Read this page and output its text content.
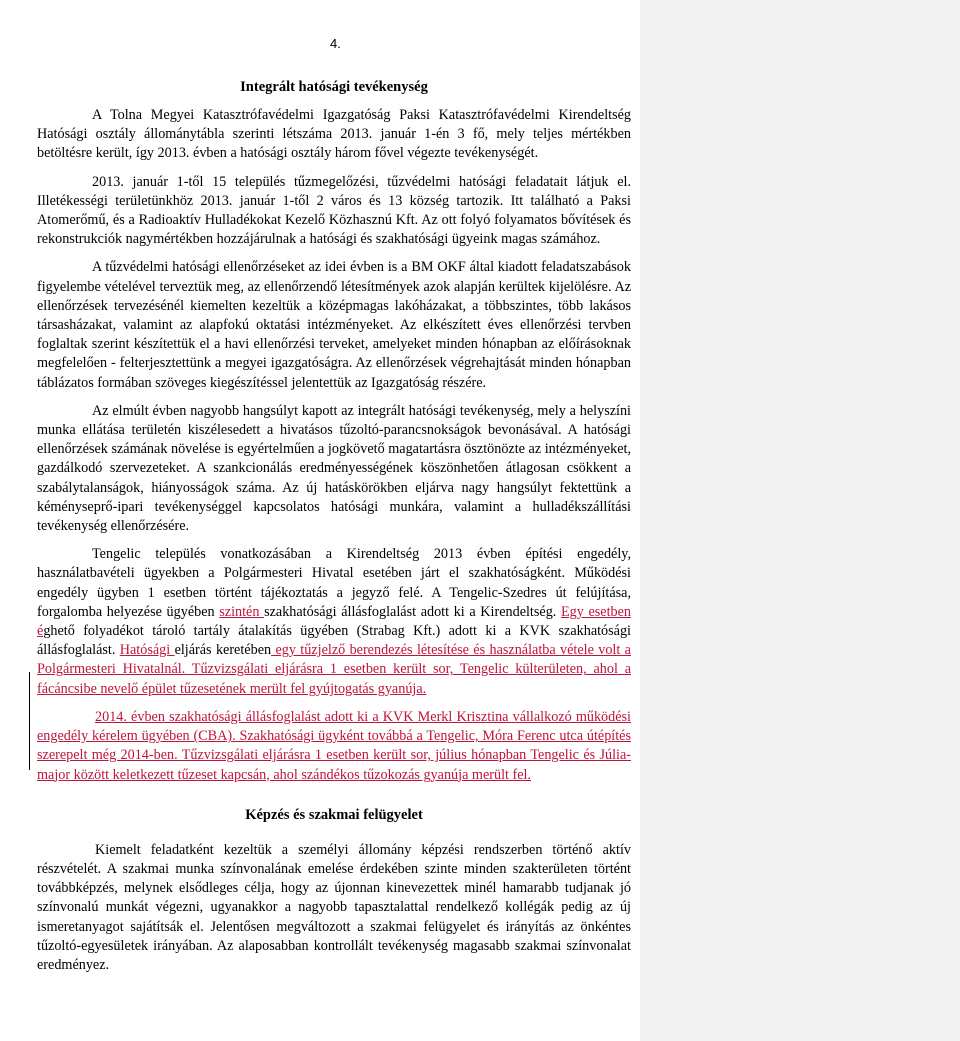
4.
Integrált hatósági tevékenység

A Tolna Megyei Katasztrófavédelmi Igazgatóság Paksi Katasztrófavédelmi Kirendeltség Hatósági osztály állománytábla szerinti létszáma 2013. január 1-én 3 fő, mely teljes mértékben betöltésre került, így 2013. évben a hatósági osztály három fővel végezte tevékenységét.

2013. január 1-től 15 település tűzmegelőzési, tűzvédelmi hatósági feladatait látjuk el. Illetékességi területünkhöz 2013. január 1-től 2 város és 13 község tartozik. Itt található a Paksi Atomerőmű, és a Radioaktív Hulladékokat Kezelő Közhasznú Kft. Az ott folyó folyamatos bővítések és rekonstrukciók nagymértékben hozzájárulnak a hatósági és szakhatósági ügyeink magas számához.

A tűzvédelmi hatósági ellenőrzéseket az idei évben is a BM OKF által kiadott feladatszabások figyelembe vételével terveztük meg, az ellenőrzendő létesítmények azok alapján kerültek kijelölésre. Az ellenőrzések tervezésénél kiemelten kezeltük a középmagas lakóházakat, a többszintes, több lakásos társasházakat, valamint az alapfokú oktatási intézményeket. Az elkészített éves ellenőrzési tervben foglaltak szerint készítettük el a havi ellenőrzési terveket, amelyeket minden hónapban az előírásoknak megfelelően - felterjesztettünk a megyei igazgatóságra. Az ellenőrzések végrehajtását minden hónapban táblázatos formában szöveges kiegészítéssel jelentettük az Igazgatóság részére.

Az elmúlt évben nagyobb hangsúlyt kapott az integrált hatósági tevékenység, mely a helyszíni munka ellátása területén kiszélesedett a hivatásos tűzoltó-parancsnokságok bevonásával. A hatósági ellenőrzések számának növelése is egyértelműen a jogkövető magatartásra ösztönözte az intézményeket, gazdálkodó szervezeteket. A szankcionálás eredményességének köszönhetően átlagosan csökkent a szabálytalanságok, hiányosságok száma. Az új hatáskörökben eljárva nagy hangsúlyt fektettünk a kéményseprő-ipari tevékenységgel kapcsolatos hatósági munkára, valamint a hulladékszállítási tevékenység ellenőrzésére.

Tengelic település vonatkozásában a Kirendeltség 2013 évben építési engedély, használatbavételi ügyekben a Polgármesteri Hivatal esetében járt el szakhatóságként. Működési engedély ügyben 1 esetben történt tájékoztatás a jegyző felé. A Tengelic-Szedres út felújítása, forgalomba helyezése ügyében szintén szakhatósági állásfoglalást adott ki a Kirendeltség. Egy esetben éghető folyadékot tároló tartály átalakítás ügyében (Strabag Kft.) adott ki a KVK szakhatósági állásfoglalást. Hatósági eljárás keretében egy tűzjelző berendezés létesítése és használatba vétele volt a Polgármesteri Hivatalnál. Tűzvizsgálati eljárásra 1 esetben került sor, Tengelic külterületen, ahol a fácáncsibe nevelő épület tűzesetének merült fel gyújtogatás gyanúja.

2014. évben szakhatósági állásfoglalást adott ki a KVK Merkl Krisztina vállalkozó működési engedély kérelem ügyében (CBA). Szakhatósági ügyként továbbá a Tengelic, Móra Ferenc utca útépítés szerepelt még 2014-ben. Tűzvizsgálati eljárásra 1 esetben került sor, július hónapban Tengelic és Júlia-major között keletkezett tűzeset kapcsán, ahol szándékos tűzokozás gyanúja merült fel.

Képzés és szakmai felügyelet

Kiemelt feladatként kezeltük a személyi állomány képzési rendszerben történő aktív részvételét. A szakmai munka színvonalának emelése érdekében szinte minden szakterületen történt továbbképzés, melynek elsődleges célja, hogy az újonnan kinevezettek minél hamarabb tudjanak jó színvonalú munkát végezni, ugyanakkor a nagyobb tapasztalattal rendelkező kollégák pedig az új ismeretanyagot sajátítsák el. Jelentősen megváltozott a szakmai felügyelet és irányítás az önkéntes tűzoltó-egyesületek irányában. Az alaposabban kontrollált tevékenység magasabb szakmai színvonalat eredményez.
